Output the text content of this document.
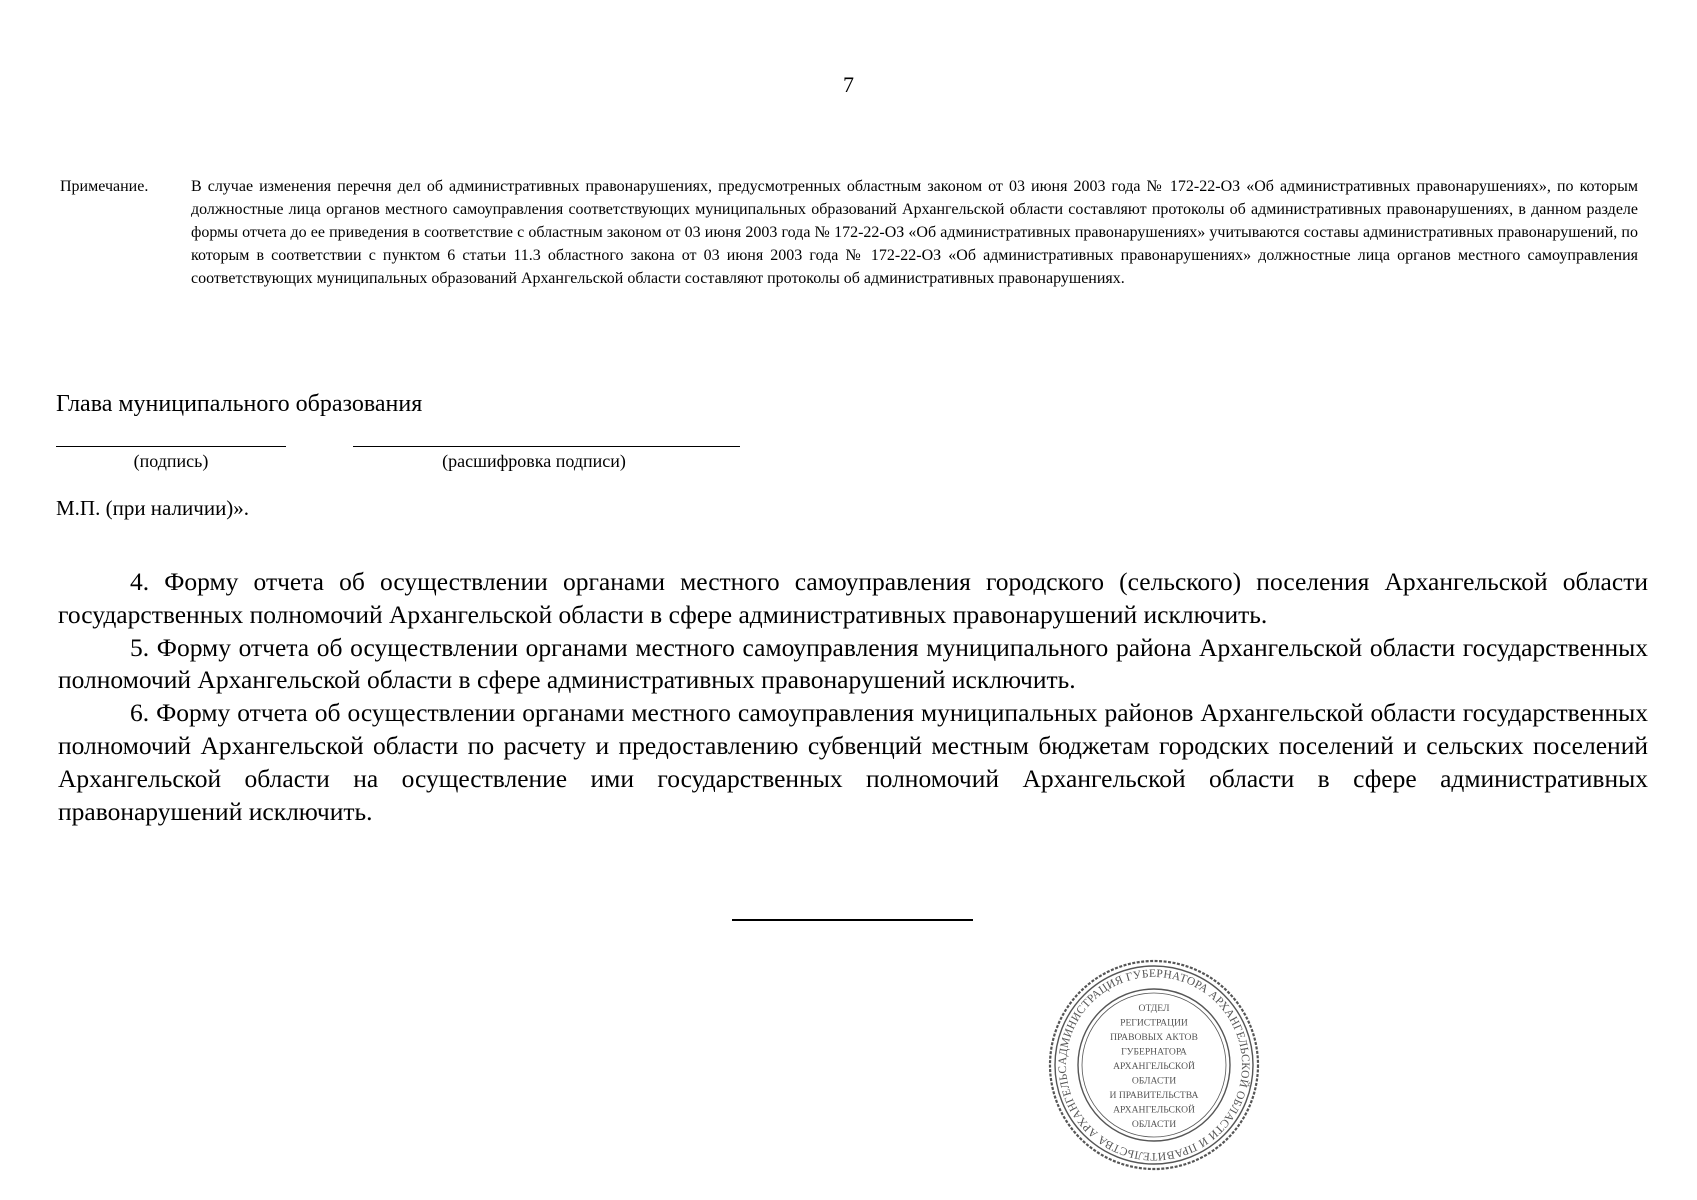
7
Примечание.	В случае изменения перечня дел об административных правонарушениях, предусмотренных областным законом от 03 июня 2003 года № 172-22-ОЗ «Об административных правонарушениях», по которым должностные лица органов местного самоуправления соответствующих муниципальных образований Архангельской области составляют протоколы об административных правонарушениях, в данном разделе формы отчета до ее приведения в соответствие с областным законом от 03 июня 2003 года № 172-22-ОЗ «Об административных правонарушениях» учитываются составы административных правонарушений, по которым в соответствии с пунктом 6 статьи 11.3 областного закона от 03 июня 2003 года № 172-22-ОЗ «Об административных правонарушениях» должностные лица органов местного самоуправления соответствующих муниципальных образований Архангельской области составляют протоколы об административных правонарушениях.
Глава муниципального образования
(подпись)	(расшифровка подписи)
М.П. (при наличии)».

4. Форму отчета об осуществлении органами местного самоуправления городского (сельского) поселения Архангельской области государственных полномочий Архангельской области в сфере административных правонарушений исключить.

5. Форму отчета об осуществлении органами местного самоуправления муниципального района Архангельской области государственных полномочий Архангельской области в сфере административных правонарушений исключить.

6. Форму отчета об осуществлении органами местного самоуправления муниципальных районов Архангельской области государственных полномочий Архангельской области по расчету и предоставлению субвенций местным бюджетам городских поселений и сельских поселений Архангельской области на осуществление ими государственных полномочий Архангельской области в сфере административных правонарушений исключить.

АДМИНИСТРАЦИЯ ГУБЕРНАТОРА АРХАНГЕЛЬСКОЙ ОБЛАСТИ И ПРАВИТЕЛЬСТВА АРХАНГЕЛЬС
ОТДЕЛ
РЕГИСТРАЦИИ
ПРАВОВЫХ АКТОВ
ГУБЕРНАТОРА
АРХАНГЕЛЬСКОЙ
ОБЛАСТИ
И ПРАВИТЕЛЬСТВА
АРХАНГЕЛЬСКОЙ
ОБЛАСТИ
